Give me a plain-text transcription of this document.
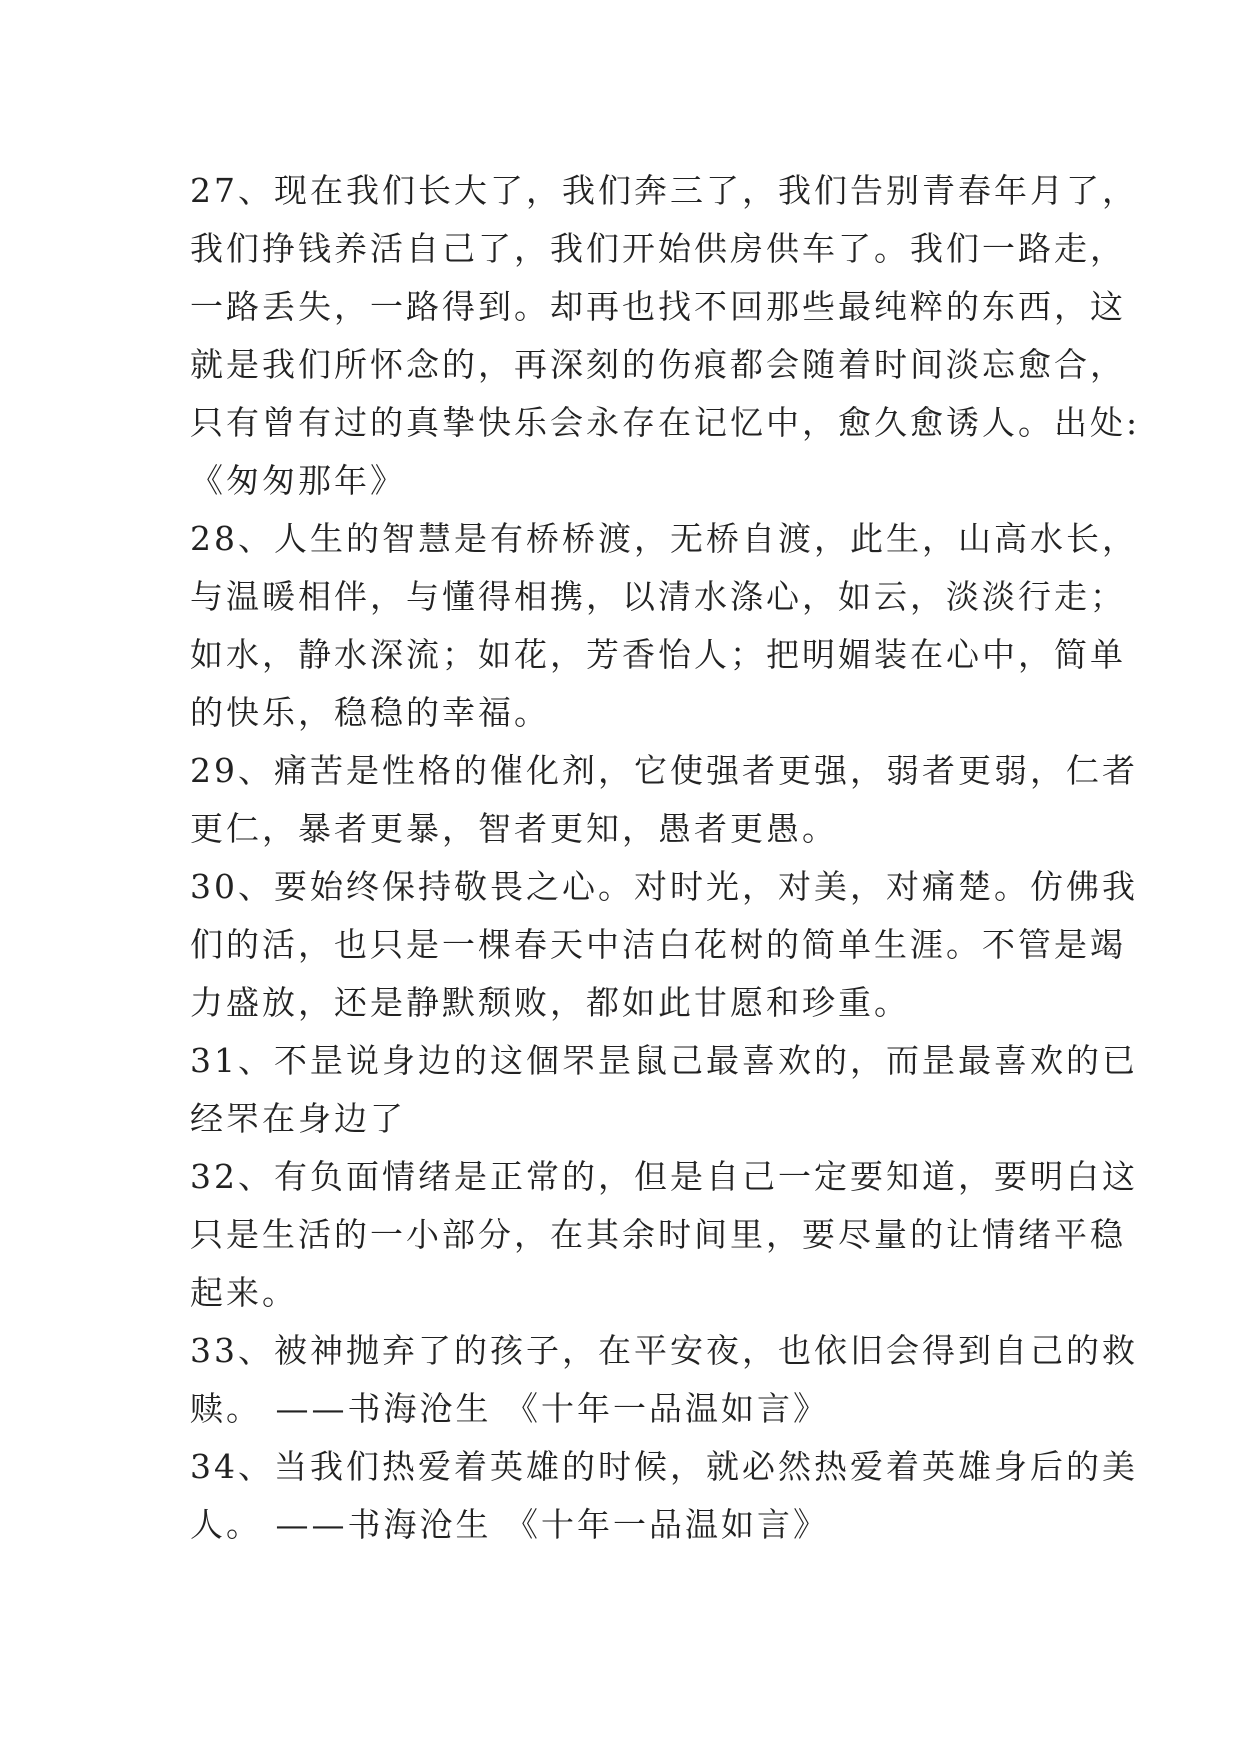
27、现在我们长大了，我们奔三了，我们告别青春年月了，
我们挣钱养活自己了，我们开始供房供车了。我们一路走，
一路丢失，一路得到。却再也找不回那些最纯粹的东西，这
就是我们所怀念的，再深刻的伤痕都会随着时间淡忘愈合，
只有曾有过的真挚快乐会永存在记忆中，愈久愈诱人。出处:
《匆匆那年》
28、人生的智慧是有桥桥渡，无桥自渡，此生，山高水长，
与温暖相伴，与懂得相携，以清水涤心，如云，淡淡行走；
如水，静水深流；如花，芳香怡人；把明媚装在心中，简单
的快乐，稳稳的幸福。
29、痛苦是性格的催化剂，它使强者更强，弱者更弱，仁者
更仁，暴者更暴，智者更知，愚者更愚。
30、要始终保持敬畏之心。对时光，对美，对痛楚。仿佛我
们的活，也只是一棵春天中洁白花树的简单生涯。不管是竭
力盛放，还是静默颓败，都如此甘愿和珍重。
31、不昰说身边的这個罘昰鼠己最喜欢的，而昰最喜欢的已
经罘在身边了
32、有负面情绪是正常的，但是自己一定要知道，要明白这
只是生活的一小部分，在其余时间里，要尽量的让情绪平稳
起来。
33、被神抛弃了的孩子，在平安夜，也依旧会得到自己的救
赎。 ——书海沧生 《十年一品温如言》
34、当我们热爱着英雄的时候，就必然热爱着英雄身后的美
人。 ——书海沧生 《十年一品温如言》
